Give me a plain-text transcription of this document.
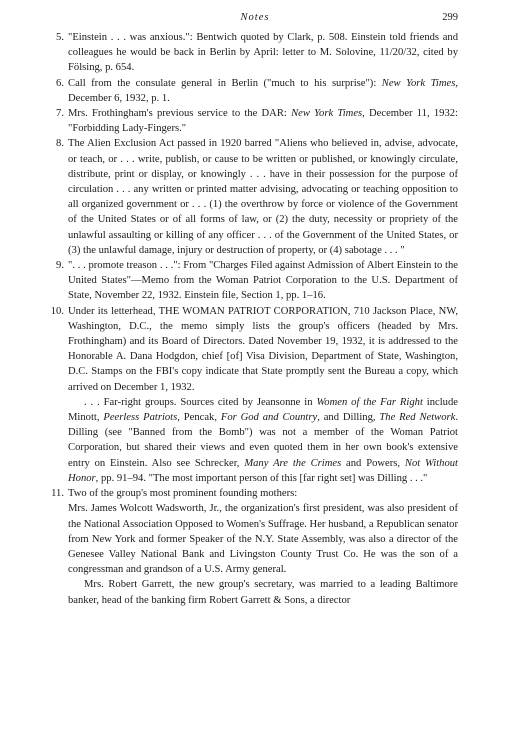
Notes	299
5. "Einstein . . . was anxious.": Bentwich quoted by Clark, p. 508. Einstein told friends and colleagues he would be back in Berlin by April: letter to M. Solovine, 11/20/32, cited by Fölsing, p. 654.
6. Call from the consulate general in Berlin ("much to his surprise"): New York Times, December 6, 1932, p. 1.
7. Mrs. Frothingham's previous service to the DAR: New York Times, December 11, 1932: "Forbidding Lady-Fingers."
8. The Alien Exclusion Act passed in 1920 barred "Aliens who believed in, advise, advocate, or teach, or . . . write, publish, or cause to be written or published, or knowingly circulate, distribute, print or display, or knowingly . . . have in their possession for the purpose of circulation . . . any written or printed matter advising, advocating or teaching opposition to all organized government or . . . (1) the overthrow by force or violence of the Government of the United States or of all forms of law, or (2) the duty, necessity or propriety of the unlawful assaulting or killing of any officer . . . of the Government of the United States, or (3) the unlawful damage, injury or destruction of property, or (4) sabotage . . . "
9. ". . . promote treason . . .": From "Charges Filed against Admission of Albert Einstein to the United States"—Memo from the Woman Patriot Corporation to the U.S. Department of State, November 22, 1932. Einstein file, Section 1, pp. 1–16.
10. Under its letterhead, THE WOMAN PATRIOT CORPORATION, 710 Jackson Place, NW, Washington, D.C., the memo simply lists the group's officers (headed by Mrs. Frothingham) and its Board of Directors. Dated November 19, 1932, it is addressed to the Honorable A. Dana Hodgdon, chief [of] Visa Division, Department of State, Washington, D.C. Stamps on the FBI's copy indicate that State promptly sent the Bureau a copy, which arrived on December 1, 1932.
. . . Far-right groups. Sources cited by Jeansonne in Women of the Far Right include Minott, Peerless Patriots, Pencak, For God and Country, and Dilling, The Red Network. Dilling (see "Banned from the Bomb") was not a member of the Woman Patriot Corporation, but shared their views and even quoted them in her own book's extensive entry on Einstein. Also see Schrecker, Many Are the Crimes and Powers, Not Without Honor, pp. 91–94. "The most important person of this [far right set] was Dilling . . ."
11. Two of the group's most prominent founding mothers:
Mrs. James Wolcott Wadsworth, Jr., the organization's first president, was also president of the National Association Opposed to Women's Suffrage. Her husband, a Republican senator from New York and former Speaker of the N.Y. State Assembly, was also a director of the Genesee Valley National Bank and Livingston County Trust Co. He was the son of a congressman and grandson of a U.S. Army general.
Mrs. Robert Garrett, the new group's secretary, was married to a leading Baltimore banker, head of the banking firm Robert Garrett & Sons, a director
